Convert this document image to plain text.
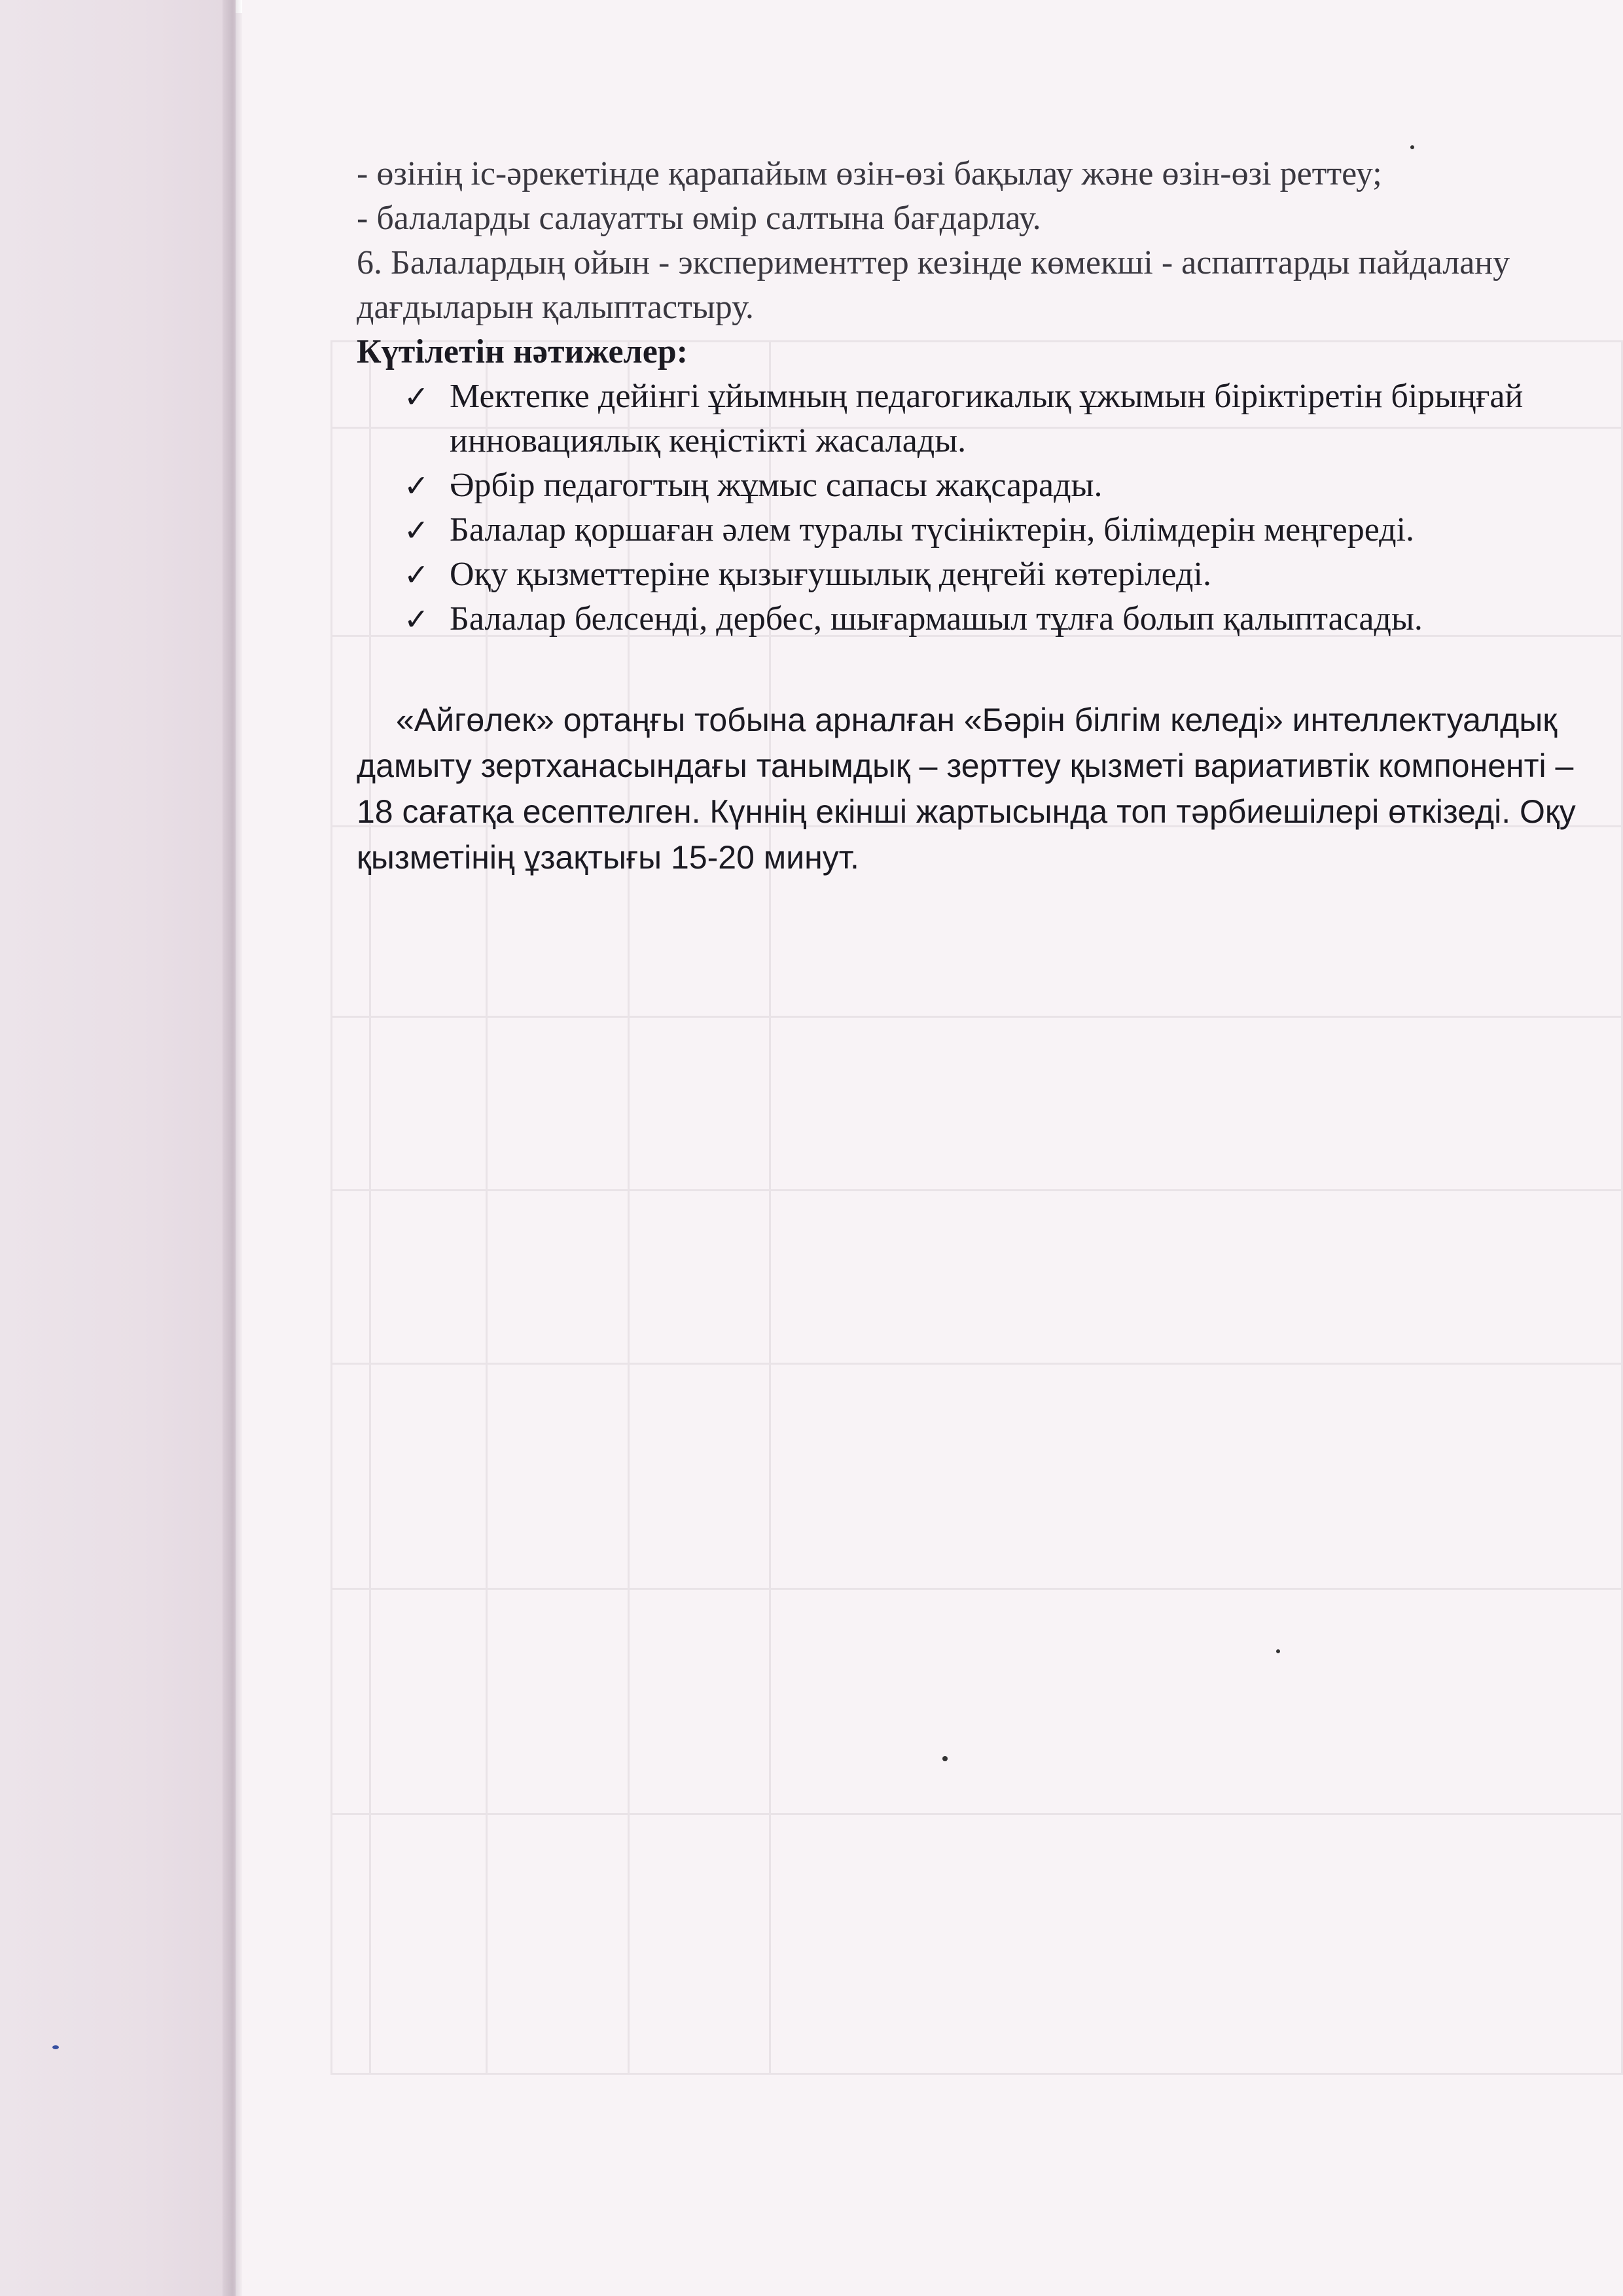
- өзінің іс-әрекетінде қарапайым өзін-өзі бақылау және өзін-өзі реттеу;

- балаларды салауатты өмір салтына бағдарлау.

6. Балалардың ойын - эксперименттер кезінде көмекші - аспаптарды пайдалану дағдыларын қалыптастыру.

Күтілетін нәтижелер:

✓ Мектепке дейінгі ұйымның педагогикалық ұжымын біріктіретін бірыңғай инновациялық кеңістікті жасалады.
✓ Әрбір педагогтың жұмыс сапасы жақсарады.
✓ Балалар қоршаған әлем туралы түсініктерін, білімдерін меңгереді.
✓ Оқу қызметтеріне қызығушылық деңгейі көтеріледі.
✓ Балалар белсенді, дербес, шығармашыл тұлға болып қалыптасады.

«Айгөлек» ортаңғы тобына арналған «Бәрін білгім келеді» интеллектуалдық дамыту зертханасындағы танымдық – зерттеу қызметі вариативтік компоненті –18 сағатқа есептелген. Күннің екінші жартысында топ тәрбиешілері өткізеді. Оқу қызметінің ұзақтығы 15-20 минут.
